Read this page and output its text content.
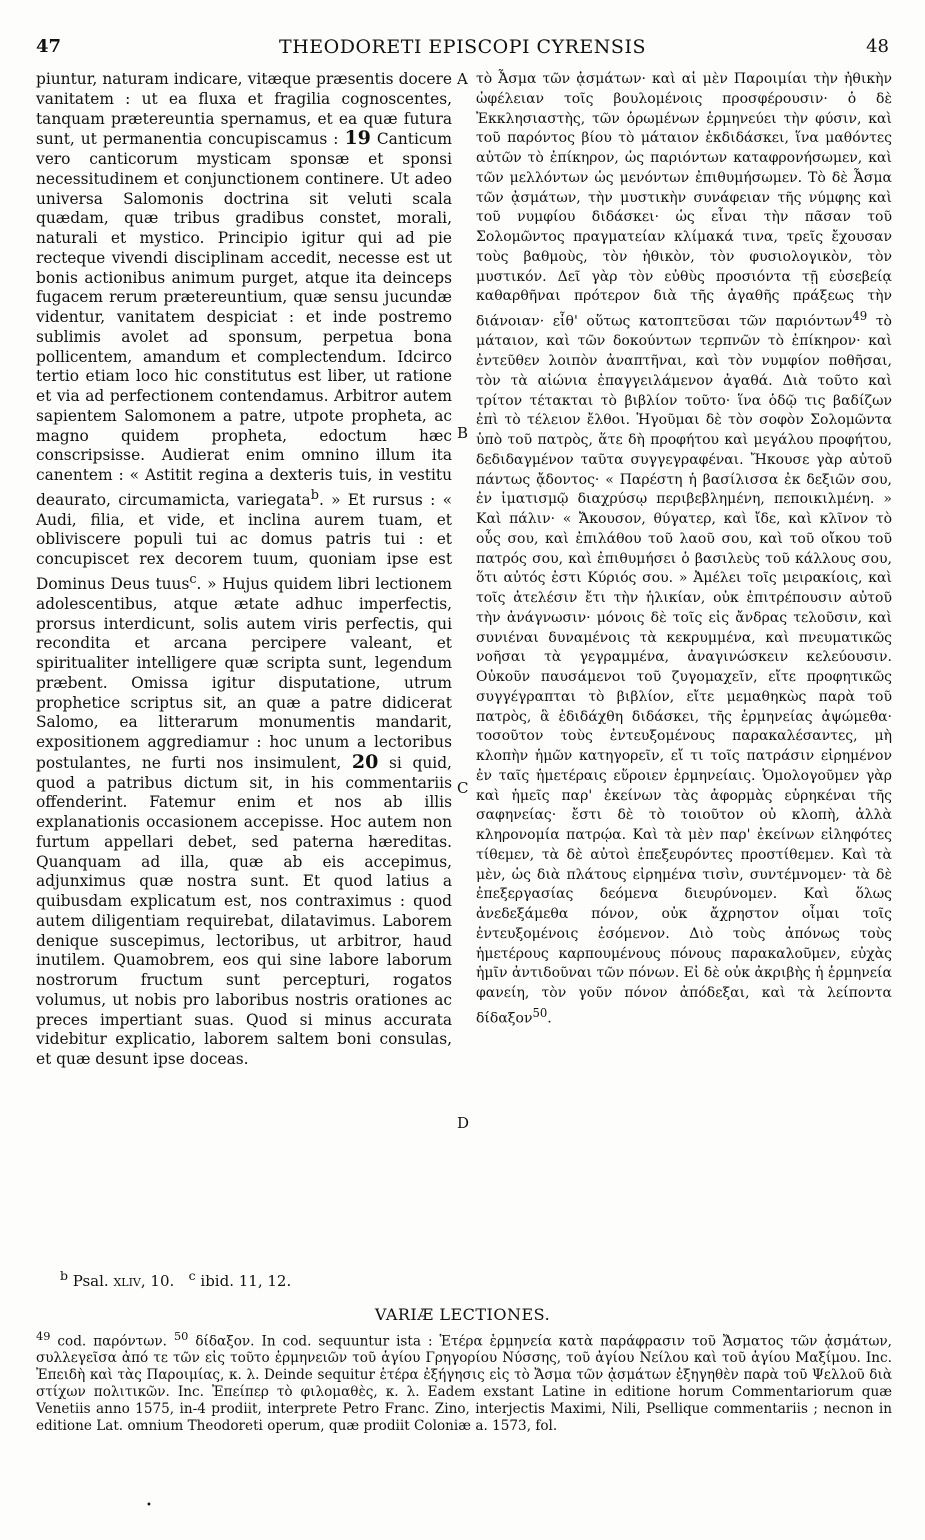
47	THEODORETI EPISCOPI CYRENSIS	48

piuntur, naturam indicare, vitæque præsentis docere vanitatem : ut ea fluxa et fragilia cognoscentes, tanquam prætereuntia spernamus, et ea quæ futura sunt, ut permanentia concupiscamus : 19 Canticum vero canticorum mysticam sponsæ et sponsi necessitudinem et conjunctionem continere. Ut adeo universa Salomonis doctrina sit veluti scala quædam, quæ tribus gradibus constet, morali, naturali et mystico. Principio igitur qui ad pie recteque vivendi disciplinam accedit, necesse est ut bonis actionibus animum purget, atque ita deinceps fugacem rerum prætereuntium, quæ sensu jucundæ videntur, vanitatem despiciat : et inde postremo sublimis avolet ad sponsum, perpetua bona pollicentem, amandum et complectendum. Idcirco tertio etiam loco hic constitutus est liber, ut ratione et via ad perfectionem contendamus. Arbitror autem sapientem Salomonem a patre, utpote propheta, ac magno quidem propheta, edoctum hæc conscripsisse. Audierat enim omnino illum ita canentem : « Astitit regina a dexteris tuis, in vestitu deaurato, circumamicta, variegata$^b$. » Et rursus : « Audi, filia, et vide, et inclina aurem tuam, et obliviscere populi tui ac domus patris tui : et concupiscet rex decorem tuum, quoniam ipse est Dominus Deus tuus$^c$. » Hujus quidem libri lectionem adolescentibus, atque ætate adhuc imperfectis, prorsus interdicunt, solis autem viris perfectis, qui recondita et arcana percipere valeant, et spiritualiter intelligere quæ scripta sunt, legendum præbent. Omissa igitur disputatione, utrum prophetice scriptus sit, an quæ a patre didicerat Salomo, ea litterarum monumentis mandarit, expositionem aggrediamur : hoc unum a lectoribus postulantes, ne furti nos insimulent, 20 si quid, quod a patribus dictum sit, in his commentariis offenderint. Fatemur enim et nos ab illis explanationis occasionem accepisse. Hoc autem non furtum appellari debet, sed paterna hæreditas. Quanquam ad illa, quæ ab eis accepimus, adjunximus quæ nostra sunt. Et quod latius a quibusdam explicatum est, nos contraximus : quod autem diligentiam requirebat, dilatavimus. Laborem denique suscepimus, lectoribus, ut arbitror, haud inutilem. Quamobrem, eos qui sine labore laborum nostrorum fructum sunt percepturi, rogatos volumus, ut nobis pro laboribus nostris orationes ac preces impertiant suas. Quod si minus accurata videbitur explicatio, laborem saltem boni consulas, et quæ desunt ipse doceas.

A
B
C
D

τὸ Ἆσμα τῶν ᾀσμάτων· καὶ αἱ μὲν Παροιμίαι τὴν ἠθικὴν ὠφέλειαν τοῖς βουλομένοις προσφέρουσιν· ὁ δὲ Ἐκκλησιαστὴς, τῶν ὁρωμένων ἑρμηνεύει τὴν φύσιν, καὶ τοῦ παρόντος βίου τὸ μάταιον ἐκδιδάσκει, ἵνα μαθόντες αὐτῶν τὸ ἐπίκηρον, ὡς παριόντων καταφρονήσωμεν, καὶ τῶν μελλόντων ὡς μενόντων ἐπιθυμήσωμεν. Τὸ δὲ Ἆσμα τῶν ᾀσμάτων, τὴν μυστικὴν συνάφειαν τῆς νύμφης καὶ τοῦ νυμφίου διδάσκει· ὡς εἶναι τὴν πᾶσαν τοῦ Σολομῶντος πραγματείαν κλίμακά τινα, τρεῖς ἔχουσαν τοὺς βαθμοὺς, τὸν ἠθικὸν, τὸν φυσιολογικὸν, τὸν μυστικόν. Δεῖ γὰρ τὸν εὐθὺς προσιόντα τῇ εὐσεβείᾳ καθαρθῆναι πρότερον διὰ τῆς ἀγαθῆς πράξεως τὴν διάνοιαν· εἶθ' οὕτως κατοπτεῦσαι τῶν παριόντων$^{49}$ τὸ μάταιον, καὶ τῶν δοκούντων τερπνῶν τὸ ἐπίκηρον· καὶ ἐντεῦθεν λοιπὸν ἀναπτῆναι, καὶ τὸν νυμφίον ποθῆσαι, τὸν τὰ αἰώνια ἐπαγγειλάμενον ἀγαθά. Διὰ τοῦτο καὶ τρίτον τέτακται τὸ βιβλίον τοῦτο· ἵνα ὁδῷ τις βαδίζων ἐπὶ τὸ τέλειον ἔλθοι. Ἡγοῦμαι δὲ τὸν σοφὸν Σολομῶντα ὑπὸ τοῦ πατρὸς, ἅτε δὴ προφήτου καὶ μεγάλου προφήτου, δεδιδαγμένον ταῦτα συγγεγραφέναι. Ἤκουσε γὰρ αὐτοῦ πάντως ᾄδοντος· « Παρέστη ἡ βασίλισσα ἐκ δεξιῶν σου, ἐν ἱματισμῷ διαχρύσῳ περιβεβλημένη, πεποικιλμένη. » Καὶ πάλιν· « Ἄκουσον, θύγατερ, καὶ ἴδε, καὶ κλῖνον τὸ οὖς σου, καὶ ἐπιλάθου τοῦ λαοῦ σου, καὶ τοῦ οἴκου τοῦ πατρός σου, καὶ ἐπιθυμήσει ὁ βασιλεὺς τοῦ κάλλους σου, ὅτι αὐτός ἐστι Κύριός σου. » Ἀμέλει τοῖς μειρακίοις, καὶ τοῖς ἀτελέσιν ἔτι τὴν ἡλικίαν, οὐκ ἐπιτρέπουσιν αὐτοῦ τὴν ἀνάγνωσιν· μόνοις δὲ τοῖς εἰς ἄνδρας τελοῦσιν, καὶ συνιέναι δυναμένοις τὰ κεκρυμμένα, καὶ πνευματικῶς νοῆσαι τὰ γεγραμμένα, ἀναγινώσκειν κελεύουσιν. Οὐκοῦν παυσάμενοι τοῦ ζυγομαχεῖν, εἴτε προφητικῶς συγγέγραπται τὸ βιβλίον, εἴτε μεμαθηκὼς παρὰ τοῦ πατρὸς, ἃ ἐδιδάχθη διδάσκει, τῆς ἑρμηνείας ἀψώμεθα· τοσοῦτον τοὺς ἐντευξομένους παρακαλέσαντες, μὴ κλοπὴν ἡμῶν κατηγορεῖν, εἴ τι τοῖς πατράσιν εἰρημένον ἐν ταῖς ἡμετέραις εὕροιεν ἑρμηνείαις. Ὁμολογοῦμεν γὰρ καὶ ἡμεῖς παρ' ἐκείνων τὰς ἀφορμὰς εὑρηκέναι τῆς σαφηνείας· ἔστι δὲ τὸ τοιοῦτον οὐ κλοπὴ, ἀλλὰ κληρονομία πατρῴα. Καὶ τὰ μὲν παρ' ἐκείνων εἰληφότες τίθεμεν, τὰ δὲ αὐτοὶ ἐπεξευρόντες προστίθεμεν. Καὶ τὰ μὲν, ὡς διὰ πλάτους εἰρημένα τισὶν, συντέμνομεν· τὰ δὲ ἐπεξεργασίας δεόμενα διευρύνομεν. Καὶ ὅλως ἀνεδεξάμεθα πόνον, οὐκ ἄχρηστον οἶμαι τοῖς ἐντευξομένοις ἐσόμενον. Διὸ τοὺς ἀπόνως τοὺς ἡμετέρους καρπουμένους πόνους παρακαλοῦμεν, εὐχὰς ἡμῖν ἀντιδοῦναι τῶν πόνων. Εἰ δὲ οὐκ ἀκριβὴς ἡ ἑρμηνεία φανείη, τὸν γοῦν πόνον ἀπόδεξαι, καὶ τὰ λείποντα δίδαξον$^{50}$.

$^b$ Psal. xliv, 10. $^c$ ibid. 11, 12.
VARIÆ LECTIONES.
$^{49}$ cod. παρόντων. $^{50}$ δίδαξον. In cod. sequuntur ista : Ἑτέρα ἑρμηνεία κατὰ παράφρασιν τοῦ Ἄσματος τῶν ᾀσμάτων, συλλεγεῖσα ἀπό τε τῶν εἰς τοῦτο ἑρμηνειῶν τοῦ ἁγίου Γρηγορίου Νύσσης, τοῦ ἁγίου Νείλου καὶ τοῦ ἁγίου Μαξίμου. Inc. Ἐπειδὴ καὶ τὰς Παροιμίας, κ. λ. Deinde sequitur ἑτέρα ἐξήγησις εἰς τὸ Ἄσμα τῶν ᾀσμάτων ἐξηγηθὲν παρὰ τοῦ Ψελλοῦ διὰ στίχων πολιτικῶν. Inc. Ἐπείπερ τὸ φιλομαθὲς, κ. λ. Eadem exstant Latine in editione horum Commentariorum quæ Venetiis anno 1575, in-4 prodiit, interprete Petro Franc. Zino, interjectis Maximi, Nili, Psellique commentariis ; necnon in editione Lat. omnium Theodoreti operum, quæ prodiit Coloniæ a. 1573, fol.
•
